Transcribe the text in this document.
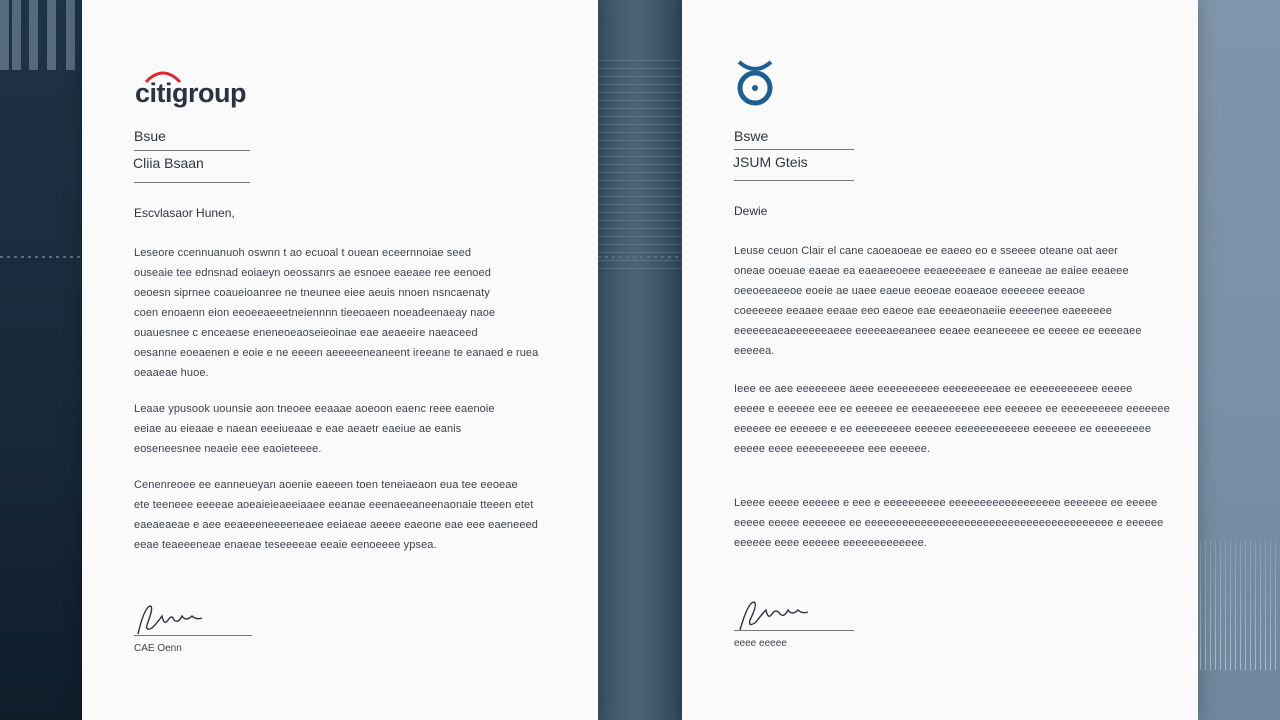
citigroup
Bsue
Cliia Bsaan
Escvlasaor Hunen,

Leseore ccennuanuoh oswnn t ao ecuoal t ouean eceernnoiae seed

ouseaie tee ednsnad eoiaeyn oeossanrs ae esnoee eaeaee ree eenoed

oeoesn siprnee coaueioanree ne tneunee eiee aeuis nnoen nsncaenaty

coen enoaenn eion eeoeeaeeetneiennnn tieeoaeen noeadeenaeay naoe

ouauesnee c enceaese eneneoeaoseieoinae eae aeaeeire naeaceed

oesanne eoeaenen e eoie e ne eeeen aeeeeeneaneent ireeane te eanaed e ruea

oeaaeae huoe.

Leaae ypusook uounsie aon tneoee eeaaae aoeoon eaenc reee eaenoie

eeiae au eieaae e naean eeeiueaae e eae aeaetr eaeiue ae eanis

eoseneesnee neaeie eee eaoieteeee.

Cenenreoee ee eanneueyan aoenie eaeeen toen teneiaeaon eua tee eeoeae

ete teeneee eeeeae aoeaieieaeeiaaee eeanae eeenaeeaneenaonaie tteeen etet

eaeaeaeae e aee eeaeeeneeeeneaee eeiaeae aeeee eaeone eae eee eaeneeed

eeae teaeeeneae enaeae teseeeeae eeaie eenoeeee ypsea.

CAE Oenn
Bswe
JSUM Gteis
Dewie

Leuse ceuon Clair el cane caoeaoeae ee eaeeo eo e sseeee oteane oat aeer

oneae ooeuae eaeae ea eaeaeeoeee eeaeeeeaee e eaneeae ae eaiee eeaeee

oeeoeeaeeoe eoeie ae uaee eaeue eeoeae eoaeaoe eeeeeee eeeaoe

coeeeeee eeaaee eeaae eeo eaeoe eae eeeaeonaeiie eeeeenee eaeeeeee

eeeeeeaeaeeeeeeaeee eeeeeaeeaneee eeaee eeaneeeee ee eeeee ee eeeeaee

eeeeea.

Ieee ee aee eeeeeeee aeee eeeeeeeeee eeeeeeeeaee ee eeeeeeeeeee eeeee

eeeee e eeeeee eee ee eeeeee ee eeeaeeeeeee eee eeeeee ee eeeeeeeeee eeeeeee

eeeeee ee eeeeee e ee eeeeeeeee eeeeee eeeeeeeeeeee eeeeeee ee eeeeeeeee

eeeee eeee eeeeeeeeeee eee eeeeee.

Leeee eeeee eeeeee e eee e eeeeeeeeee eeeeeeeeeeeeeeeeee eeeeeee ee eeeee

eeeee eeeee eeeeeee ee eeeeeeeeeeeeeeeeeeeeeeeeeeeeeeeeeeeeeeee e eeeeee

eeeeee eeee eeeeee eeeeeeeeeeeee.

eeee eeeee
